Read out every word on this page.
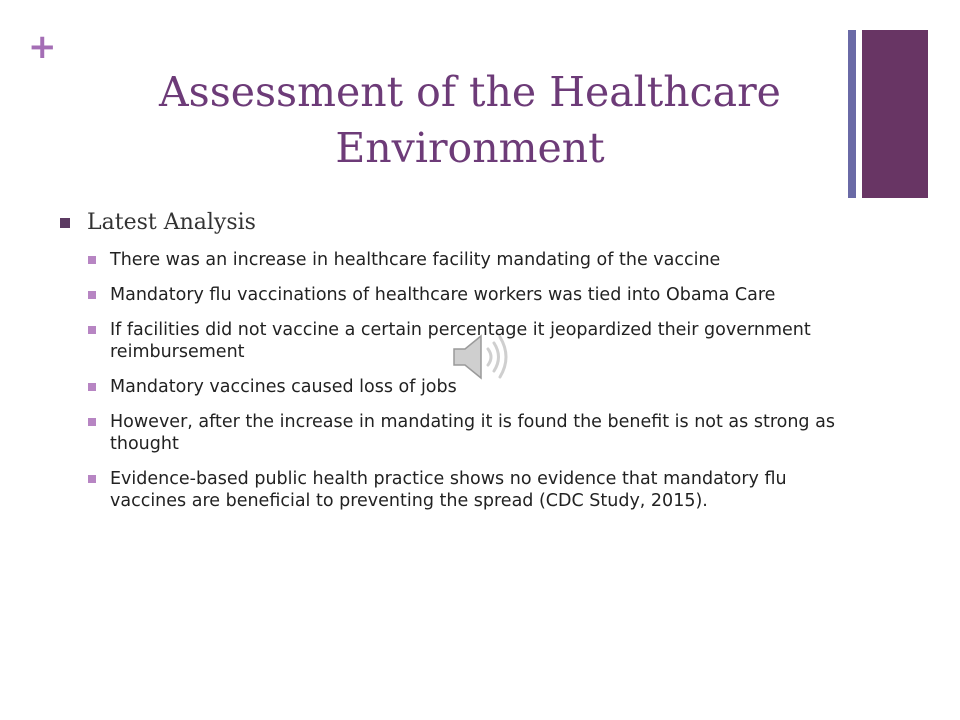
+
Assessment of the Healthcare Environment
Latest Analysis
There was an increase in healthcare facility mandating of the vaccine
Mandatory flu vaccinations of healthcare workers was tied into Obama Care
If facilities did not vaccine a certain percentage it jeopardized their government reimbursement
Mandatory vaccines caused loss of jobs
However, after the increase in mandating it is found the benefit is not as strong as thought
Evidence-based public health practice shows no evidence that mandatory flu vaccines are beneficial to preventing the spread (CDC Study, 2015).
